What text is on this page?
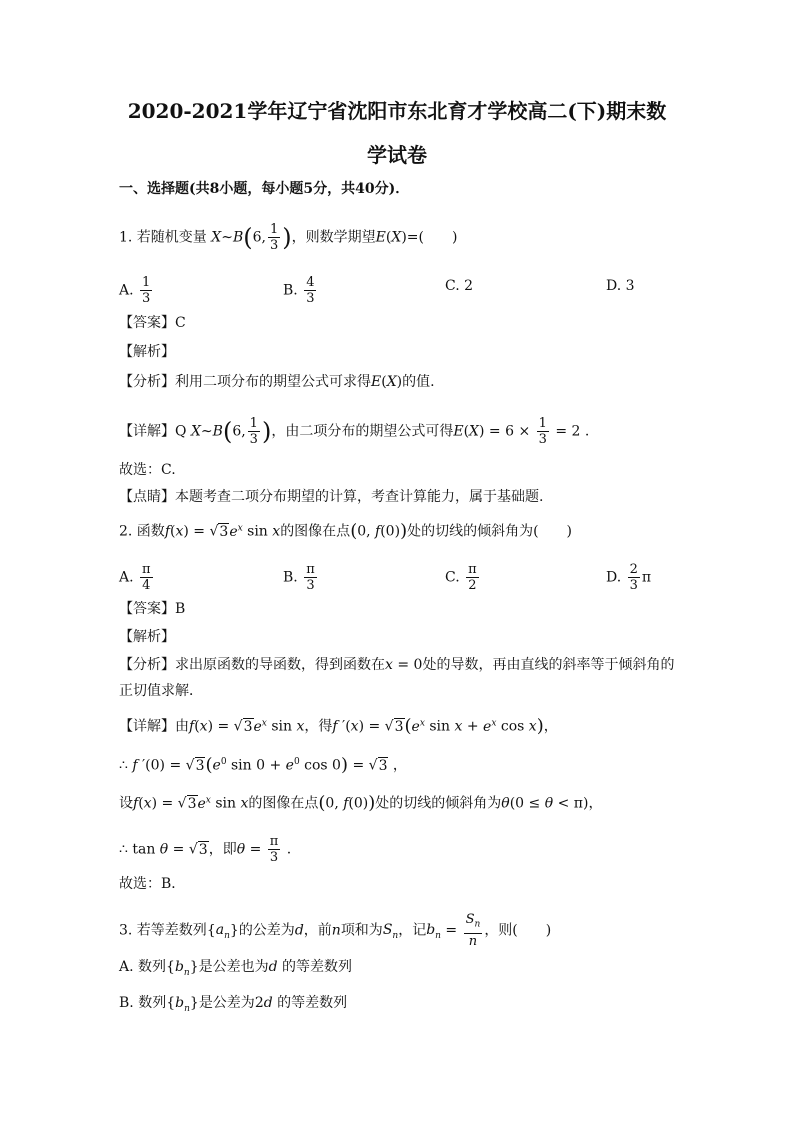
2020-2021学年辽宁省沈阳市东北育才学校高二(下)期末数
学试卷
一、选择题(共8小题，每小题5分，共40分)．
1. 若随机变量 X∼B(6, $\frac{1}{3}$ )，则数学期望E(X)=(　　)
A. $\frac{1}{3}$	B. $\frac{4}{3}$	C. 2	D. 3
【答案】C
【解析】
【分析】利用二项分布的期望公式可求得E(X)的值.
【详解】Q X∼B(6, $\frac{1}{3}$ )，由二项分布的期望公式可得$E(X) = 6 \times \frac{1}{3} = 2$ .
故选：C.
【点睛】本题考查二项分布期望的计算，考查计算能力，属于基础题.
2. 函数$f(x) = √3e^x$ sin x的图像在点(0, f(0))处的切线的倾斜角为(　　)
A. $\frac{\pi}{4}$	B. $\frac{\pi}{3}$	C. $\frac{\pi}{2}$	D. $\frac{2}{3}$ π
【答案】B
【解析】
【分析】求出原函数的导函数，得到函数在x = 0处的导数，再由直线的斜率等于倾斜角的
正切值求解．
【详解】由$f(x) = √3e^x$ sin x，得f $'(x) = √3(e^x$ $\sin x + e^x$ cos x)，
∴ f $'(0) = √3(e^0$ $\sin 0 + e^0$ cos 0) = √3 ，
设$f(x) = √3e^x$ sin x的图像在点(0, f(0))处的切线的倾斜角为θ(0 ≤ θ < π)，
∴ tan θ = √3，即$\theta = \frac{\pi}{3}$ .
故选：B．
3. 若等差数列$\{a_n\}$的公差为d，前n项和为$S_n$，记$b_n = \frac{S_n}{n}$ ，则(　　)
A. 数列$\{b_n\}$是公差也为d 的等差数列
B. 数列$\{b_n\}$是公差为2d 的等差数列
